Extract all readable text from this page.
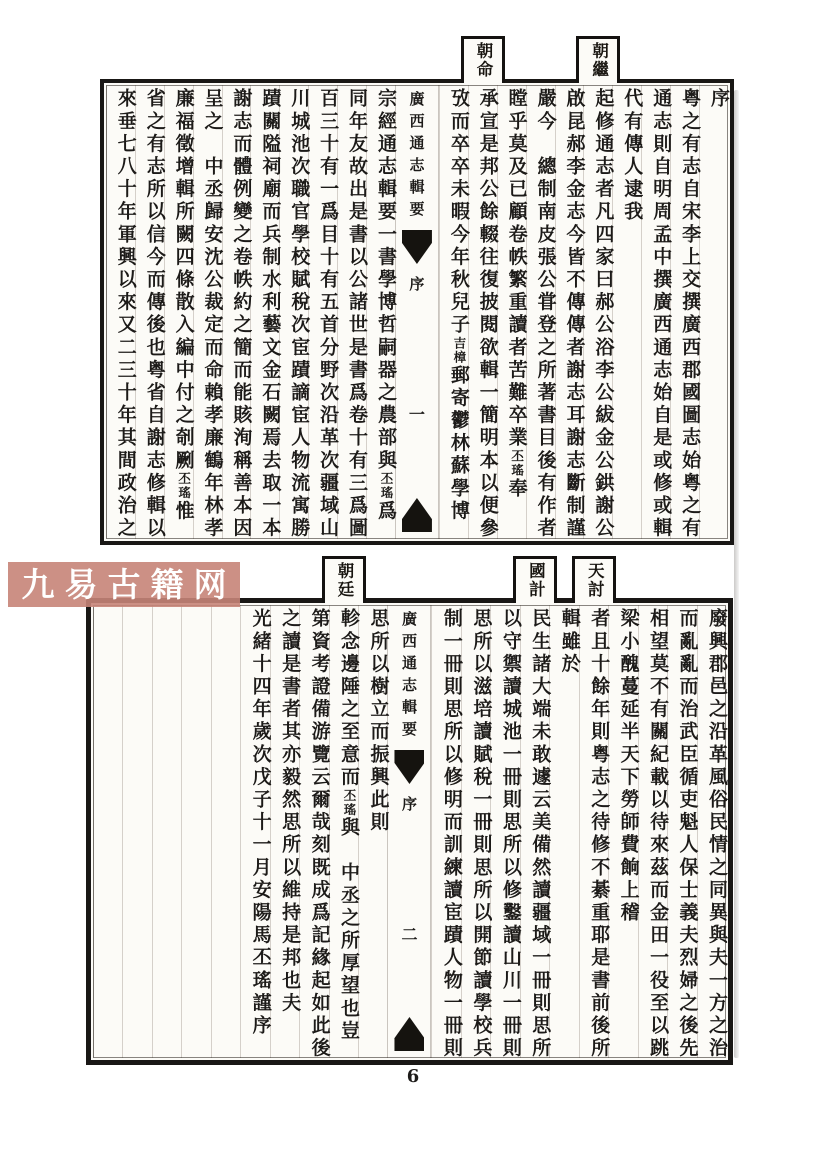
序
粤之有志自宋李上交撰廣西郡國圖志始粤之有
通志則自明周孟中撰廣西通志始自是或修或輯
代有傳人逮我
朝繼
起修通志者凡四家曰郝公浴李公紱金公鉷謝公
啟昆郝李金志今皆不傳傳者謝志耳謝志斷制謹
嚴今　總制南皮張公甞登之所著書目後有作者
瞠乎莫及已顧卷帙繁重讀者苦難卒業丕瑤奉
朝命
承宣是邦公餘輟往復披閱欲輯一簡明本以便參
攷而卒卒未暇今年秋兒子吉樟郵寄鬱林蘇學博
廣西通志輯要
序
一
宗經通志輯要一書學博哲嗣器之農部與丕瑤爲
同年友故出是書以公諸世是書爲卷十有三爲圖
百三十有一爲目十有五首分野次沿革次疆域山
川城池次職官學校賦稅次宦蹟謫宦人物流寓勝
蹟關隘祠廟而兵制水利藝文金石闕焉去取一本
謝志而體例變之卷帙約之簡而能賅洵稱善本因
呈之　中丞歸安沈公裁定而命賴孝廉鶴年林孝
廉福徵增輯所闕四條散入編中付之剞劂丕瑤惟
省之有志所以信今而傳後也粤省自謝志修輯以
來垂七八十年軍興以來又二三十年其間政治之
廢興郡邑之沿革風俗民情之同異與夫一方之治
而亂亂而治武臣循吏魁人保士義夫烈婦之後先
相望莫不有關紀載以待來茲而金田一役至以跳
梁小醜蔓延半天下勞師費餉上稽
天討
者且十餘年則粤志之待修不綦重耶是書前後所
輯雖於
國計
民生諸大端未敢遽云美備然讀疆域一冊則思所
以守禦讀城池一冊則思所以修鑿讀山川一冊則
思所以滋培讀賦稅一冊則思所以開節讀學校兵
制一冊則思所以修明而訓練讀宦蹟人物一冊則
廣西通志輯要
序
二
思所以樹立而振興此則
朝廷
軫念邊陲之至意而丕瑤與　中丞之所厚望也豈
第資考證備游覽云爾哉刻既成爲記緣起如此後
之讀是書者其亦毅然思所以維持是邦也夫
光緒十四年歲次戊子十一月安陽馬丕瑤謹序
九易古籍网
6
